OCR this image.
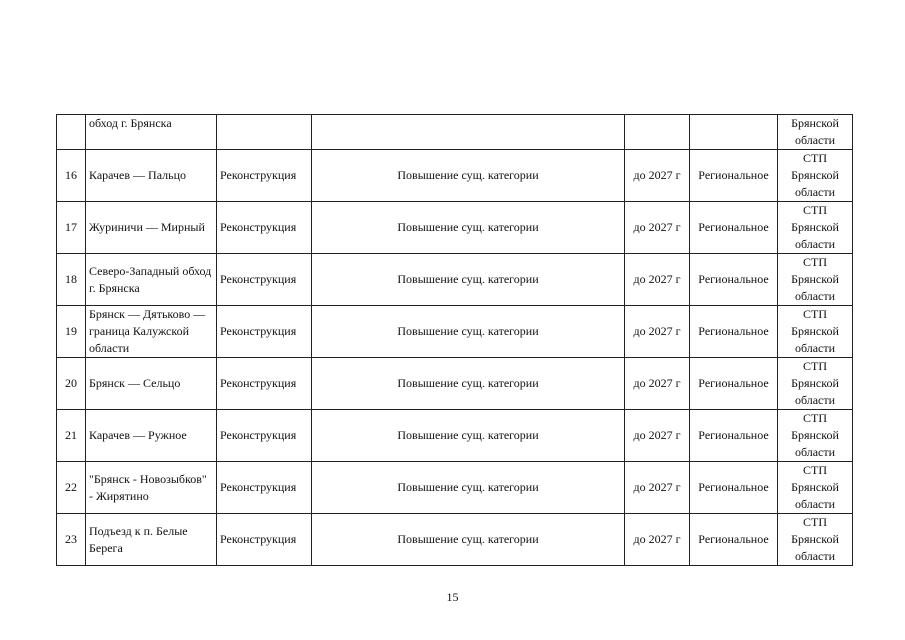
	обход г. Брянска					Брянской
области

16	Карачев — Пальцо	Реконструкция	Повышение сущ. категории	до 2027 г	Региональное	СТП
Брянской
области

17	Журиничи — Мирный	Реконструкция	Повышение сущ. категории	до 2027 г	Региональное	СТП
Брянской
области

18	Северо-Западный обход г. Брянска	Реконструкция	Повышение сущ. категории	до 2027 г	Региональное	СТП
Брянской
области

19	Брянск — Дятьково — граница Калужской области	Реконструкция	Повышение сущ. категории	до 2027 г	Региональное	СТП
Брянской
области

20	Брянск — Сельцо	Реконструкция	Повышение сущ. категории	до 2027 г	Региональное	СТП
Брянской
области

21	Карачев — Ружное	Реконструкция	Повышение сущ. категории	до 2027 г	Региональное	СТП
Брянской
области

22	"Брянск - Новозыбков" - Жирятино	Реконструкция	Повышение сущ. категории	до 2027 г	Региональное	СТП
Брянской
области

23	Подъезд к п. Белые Берега	Реконструкция	Повышение сущ. категории	до 2027 г	Региональное	СТП
Брянской
области
15
